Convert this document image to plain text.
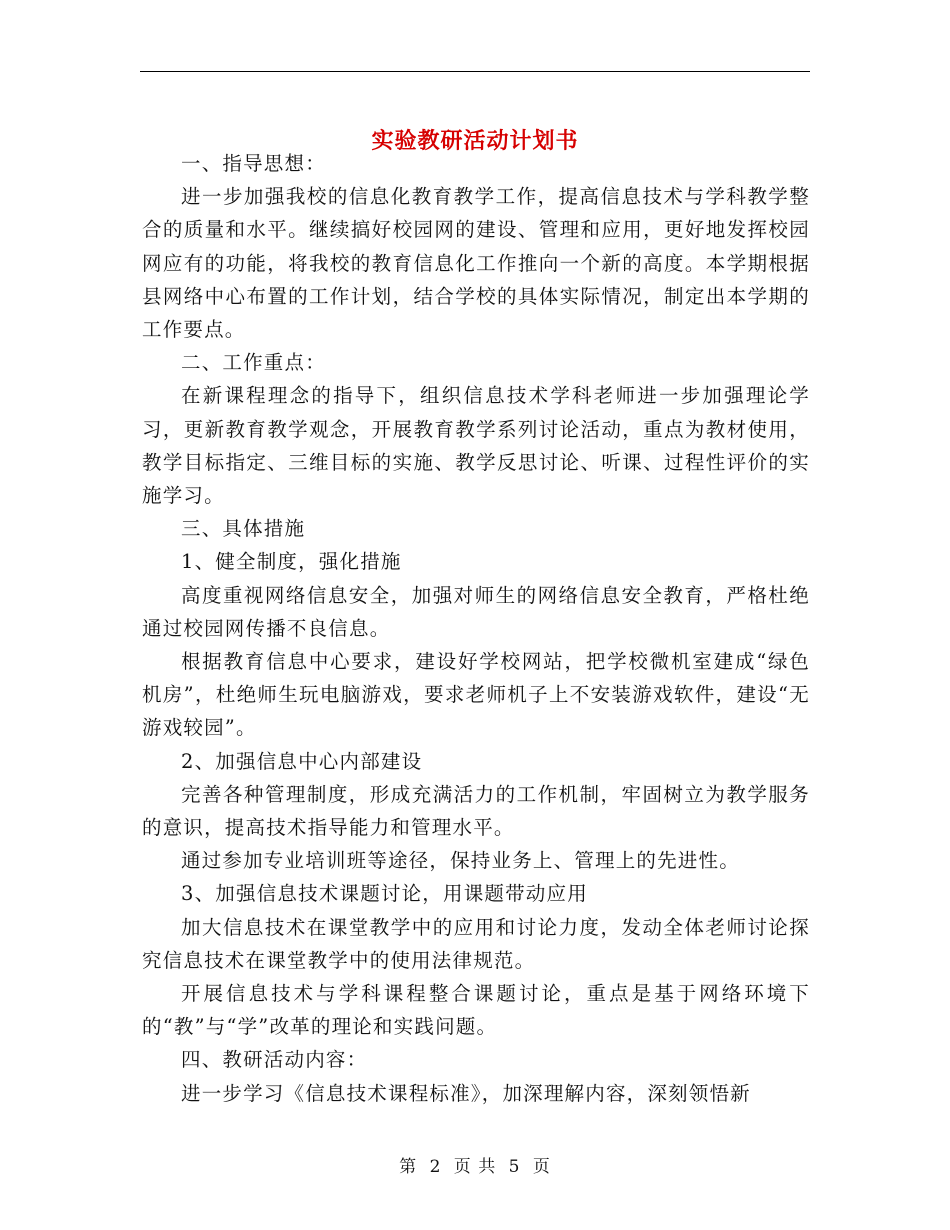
实验教研活动计划书

一、指导思想：

进一步加强我校的信息化教育教学工作，提高信息技术与学科教学整合的质量和水平。继续搞好校园网的建设、管理和应用，更好地发挥校园网应有的功能，将我校的教育信息化工作推向一个新的高度。本学期根据县网络中心布置的工作计划，结合学校的具体实际情况，制定出本学期的工作要点。

二、工作重点：

在新课程理念的指导下，组织信息技术学科老师进一步加强理论学习，更新教育教学观念，开展教育教学系列讨论活动，重点为教材使用，教学目标指定、三维目标的实施、教学反思讨论、听课、过程性评价的实施学习。

三、具体措施

1、健全制度，强化措施

高度重视网络信息安全，加强对师生的网络信息安全教育，严格杜绝通过校园网传播不良信息。

根据教育信息中心要求，建设好学校网站，把学校微机室建成“绿色机房”，杜绝师生玩电脑游戏，要求老师机子上不安装游戏软件，建设“无游戏较园”。

2、加强信息中心内部建设

完善各种管理制度，形成充满活力的工作机制，牢固树立为教学服务的意识，提高技术指导能力和管理水平。

通过参加专业培训班等途径，保持业务上、管理上的先进性。

3、加强信息技术课题讨论，用课题带动应用

加大信息技术在课堂教学中的应用和讨论力度，发动全体老师讨论探究信息技术在课堂教学中的使用法律规范。

开展信息技术与学科课程整合课题讨论，重点是基于网络环境下的“教”与“学”改革的理论和实践问题。

四、教研活动内容：

进一步学习《信息技术课程标准》，加深理解内容，深刻领悟新

第 2 页 共 5 页
